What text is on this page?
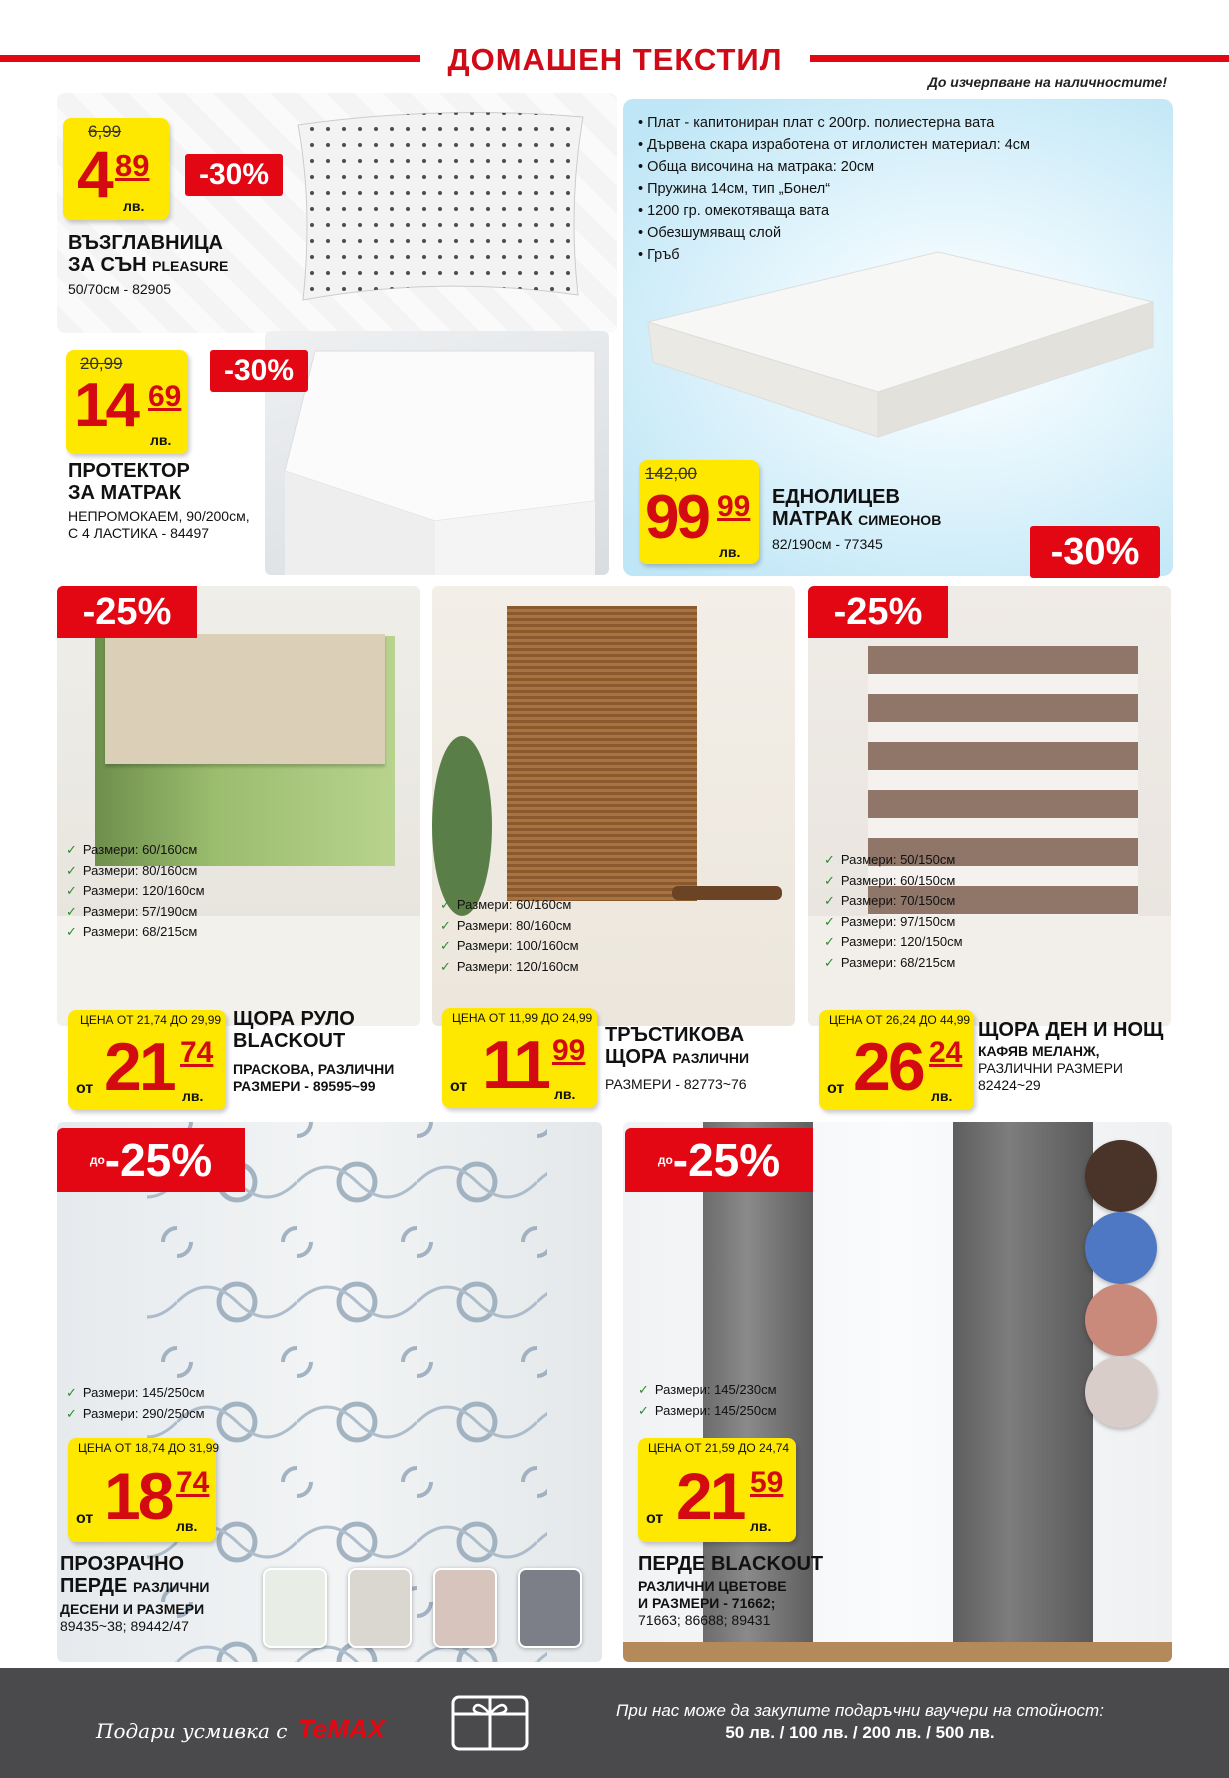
ДОМАШЕН ТЕКСТИЛ
До изчерпване на наличностите!
6,99
4 89
лв.
-30%
ВЪЗГЛАВНИЦА
ЗА СЪН PLEASURE
50/70см - 82905
20,99
14 69
лв.
-30%
ПРОТЕКТОР
ЗА МАТРАК
НЕПРОМОКАЕМ, 90/200см,
С 4 ЛАСТИКА - 84497
• Плат - капитониран плат с 200гр. полиестерна вата
• Дървена скара изработена от иглолистен материал: 4см
• Обща височина на матрака: 20см
• Пружина 14см, тип „Бонел“
• 1200 гр. омекотяваща вата
• Обезшумяващ слой
• Гръб
142,00
99 99
лв.
ЕДНОЛИЦЕВ
МАТРАК СИМЕОНОВ
82/190см - 77345	-30%
-25%
✓ Размери: 60/160см
✓ Размери: 80/160см
✓ Размери: 120/160см
✓ Размери: 57/190см
✓ Размери: 68/215см
ЦЕНА ОТ 21,74 ДО 29,99
от 21 74
лв.
ЩОРА РУЛО
BLACKOUT
ПРАСКОВА, РАЗЛИЧНИ
РАЗМЕРИ - 89595~99
✓ Размери: 60/160см
✓ Размери: 80/160см
✓ Размери: 100/160см
✓ Размери: 120/160см
ЦЕНА ОТ 11,99 ДО 24,99
от 11 99
лв.
ТРЪСТИКОВА
ЩОРА РАЗЛИЧНИ
РАЗМЕРИ - 82773~76
-25%
✓ Размери: 50/150см
✓ Размери: 60/150см
✓ Размери: 70/150см
✓ Размери: 97/150см
✓ Размери: 120/150см
✓ Размери: 68/215см
ЦЕНА ОТ 26,24 ДО 44,99
от 26 24
лв.
ЩОРА ДЕН И НОЩ
КАФЯВ МЕЛАНЖ,
РАЗЛИЧНИ РАЗМЕРИ
82424~29
$^{до}$-25%
✓ Размери: 145/250см
✓ Размери: 290/250см
ЦЕНА ОТ 18,74 ДО 31,99
от 18 74
лв.
ПРОЗРАЧНО
ПЕРДЕ РАЗЛИЧНИ
ДЕСЕНИ И РАЗМЕРИ
89435~38; 89442/47
$^{до}$-25%
✓ Размери: 145/230см
✓ Размери: 145/250см
ЦЕНА ОТ 21,59 ДО 24,74
от 21 59
лв.
ПЕРДЕ BLACKOUT
РАЗЛИЧНИ ЦВЕТОВЕ
И РАЗМЕРИ - 71662;
71663; 86688; 89431
Подари усмивка с TeMAX
При нас може да закупите подаръчни ваучери на стойност:
50 лв. / 100 лв. / 200 лв. / 500 лв.
